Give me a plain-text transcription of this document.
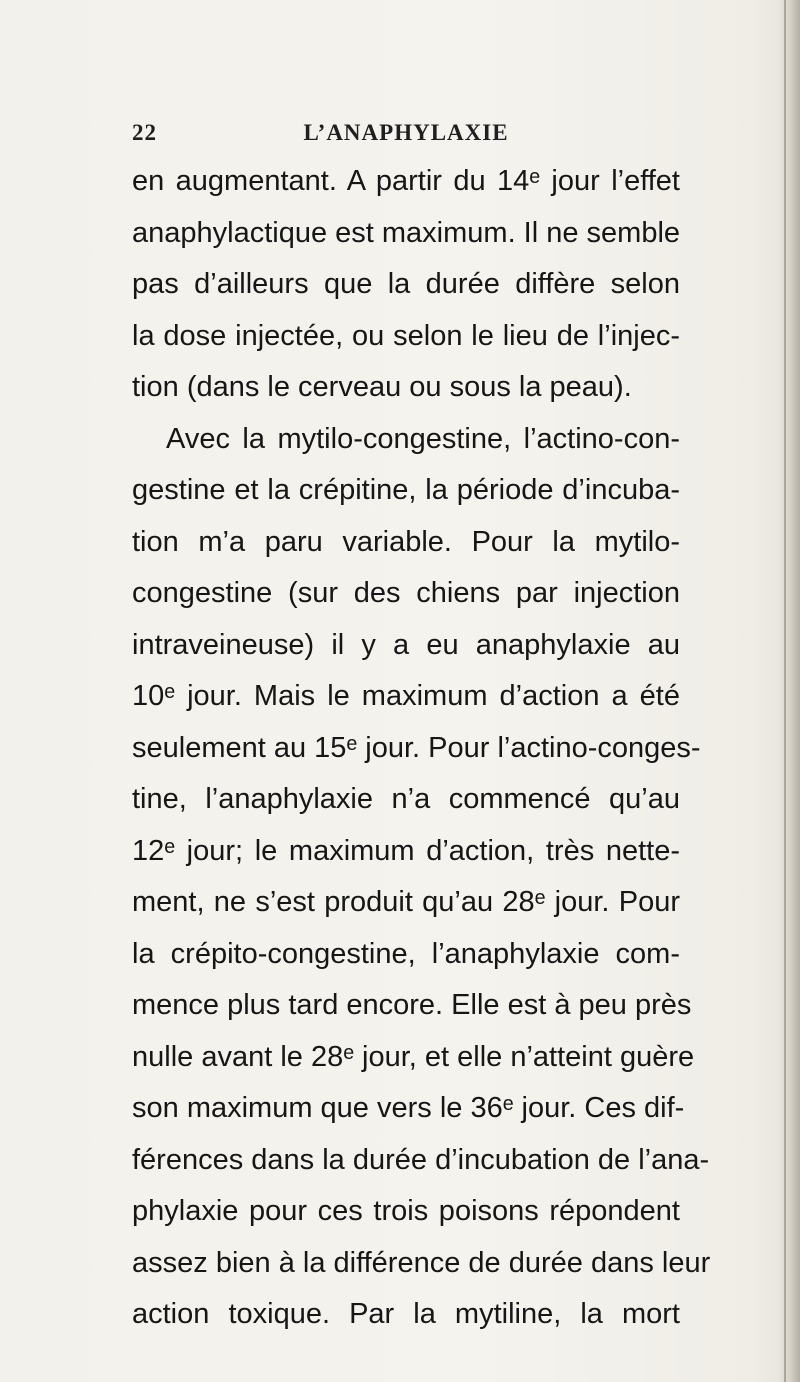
22	L’ANAPHYLAXIE
en augmentant. A partir du 14ᵉ jour l’effet
anaphylactique est maximum. Il ne semble
pas d’ailleurs que la durée diffère selon
la dose injectée, ou selon le lieu de l’injec-
tion (dans le cerveau ou sous la peau).
Avec la mytilo-congestine, l’actino-con-
gestine et la crépitine, la période d’incuba-
tion m’a paru variable. Pour la mytilo-
congestine (sur des chiens par injection
intraveineuse) il y a eu anaphylaxie au
10ᵉ jour. Mais le maximum d’action a été
seulement au 15ᵉ jour. Pour l’actino-conges-
tine, l’anaphylaxie n’a commencé qu’au
12ᵉ jour; le maximum d’action, très nette-
ment, ne s’est produit qu’au 28ᵉ jour. Pour
la crépito-congestine, l’anaphylaxie com-
mence plus tard encore. Elle est à peu près
nulle avant le 28ᵉ jour, et elle n’atteint guère
son maximum que vers le 36ᵉ jour. Ces dif-
férences dans la durée d’incubation de l’ana-
phylaxie pour ces trois poisons répondent
assez bien à la différence de durée dans leur
action toxique. Par la mytiline, la mort
